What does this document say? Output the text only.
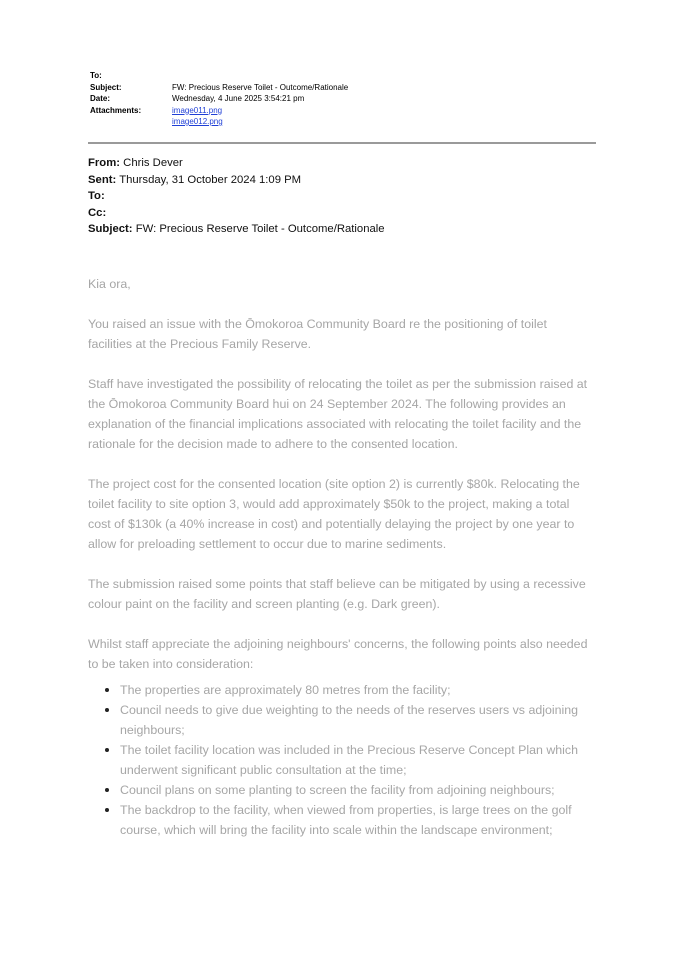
To:
Subject:	FW: Precious Reserve Toilet - Outcome/Rationale
Date:	Wednesday, 4 June 2025 3:54:21 pm
Attachments:	image011.png
image012.png
From: Chris Dever
Sent: Thursday, 31 October 2024 1:09 PM
To:
Cc:
Subject: FW: Precious Reserve Toilet - Outcome/Rationale

Kia ora,

You raised an issue with the Ōmokoroa Community Board re the positioning of toilet facilities at the Precious Family Reserve.

Staff have investigated the possibility of relocating the toilet as per the submission raised at the Ōmokoroa Community Board hui on 24 September 2024. The following provides an explanation of the financial implications associated with relocating the toilet facility and the rationale for the decision made to adhere to the consented location.

The project cost for the consented location (site option 2) is currently $80k. Relocating the toilet facility to site option 3, would add approximately $50k to the project, making a total cost of $130k (a 40% increase in cost) and potentially delaying the project by one year to allow for preloading settlement to occur due to marine sediments.

The submission raised some points that staff believe can be mitigated by using a recessive colour paint on the facility and screen planting (e.g. Dark green).

Whilst staff appreciate the adjoining neighbours' concerns, the following points also needed to be taken into consideration:

• The properties are approximately 80 metres from the facility;
• Council needs to give due weighting to the needs of the reserves users vs adjoining neighbours;
• The toilet facility location was included in the Precious Reserve Concept Plan which underwent significant public consultation at the time;
• Council plans on some planting to screen the facility from adjoining neighbours;
• The backdrop to the facility, when viewed from properties, is large trees on the golf course, which will bring the facility into scale within the landscape environment;
